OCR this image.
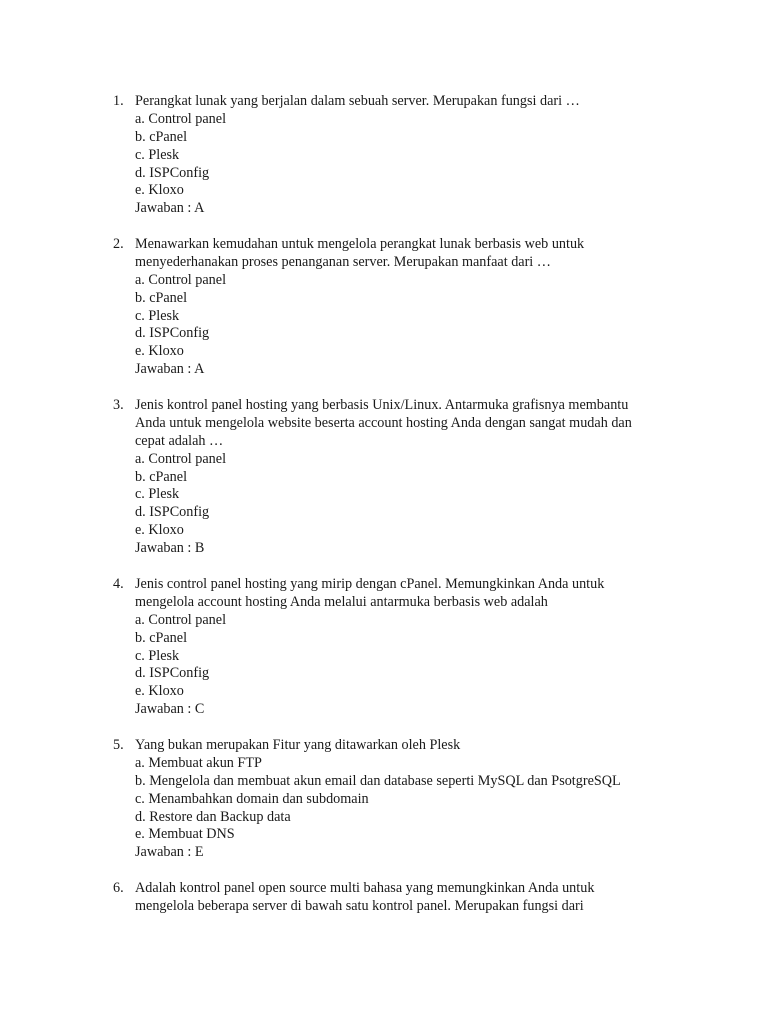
1. Perangkat lunak yang berjalan dalam sebuah server. Merupakan fungsi dari …
a. Control panel
b. cPanel
c. Plesk
d. ISPConfig
e. Kloxo
Jawaban : A
2. Menawarkan kemudahan untuk mengelola perangkat lunak berbasis web untuk
menyederhanakan proses penanganan server. Merupakan manfaat dari …
a. Control panel
b. cPanel
c. Plesk
d. ISPConfig
e. Kloxo
Jawaban : A
3. Jenis kontrol panel hosting yang berbasis Unix/Linux. Antarmuka grafisnya membantu
Anda untuk mengelola website beserta account hosting Anda dengan sangat mudah dan
cepat adalah …
a. Control panel
b. cPanel
c. Plesk
d. ISPConfig
e. Kloxo
Jawaban : B
4. Jenis control panel hosting yang mirip dengan cPanel. Memungkinkan Anda untuk
mengelola account hosting Anda melalui antarmuka berbasis web adalah
a. Control panel
b. cPanel
c. Plesk
d. ISPConfig
e. Kloxo
Jawaban : C
5. Yang bukan merupakan Fitur yang ditawarkan oleh Plesk
a. Membuat akun FTP
b. Mengelola dan membuat akun email dan database seperti MySQL dan PsotgreSQL
c. Menambahkan domain dan subdomain
d. Restore dan Backup data
e. Membuat DNS
Jawaban : E
6. Adalah kontrol panel open source multi bahasa yang memungkinkan Anda untuk
mengelola beberapa server di bawah satu kontrol panel. Merupakan fungsi dari
